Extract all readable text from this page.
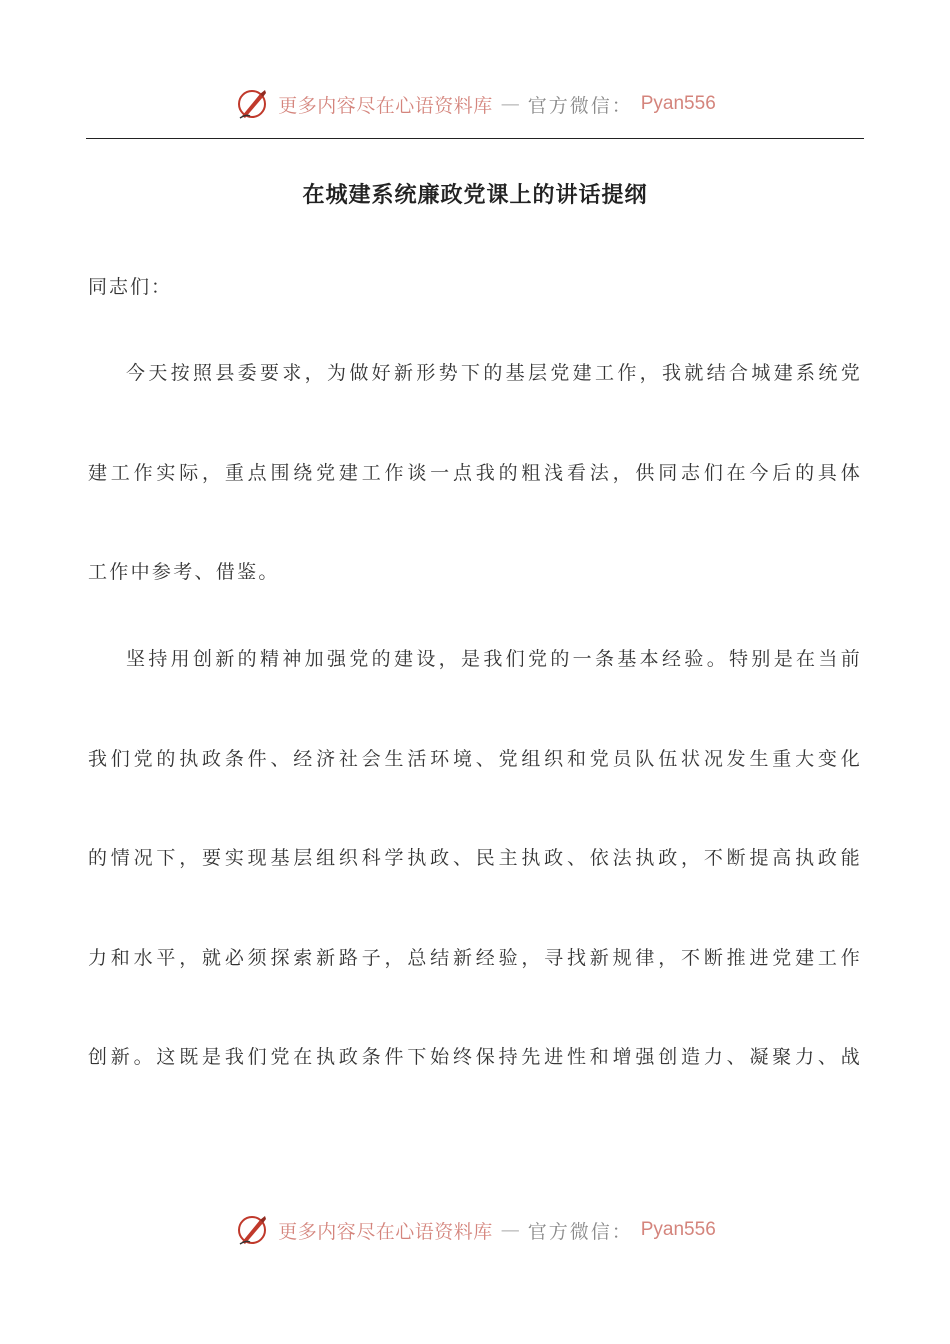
更多内容尽在心语资料库 — 官方微信： Pyan556
在城建系统廉政党课上的讲话提纲
同志们：
今天按照县委要求，为做好新形势下的基层党建工作，我就结合城建系统党
建工作实际，重点围绕党建工作谈一点我的粗浅看法，供同志们在今后的具体
工作中参考、借鉴。
坚持用创新的精神加强党的建设，是我们党的一条基本经验。特别是在当前
我们党的执政条件、经济社会生活环境、党组织和党员队伍状况发生重大变化
的情况下，要实现基层组织科学执政、民主执政、依法执政，不断提高执政能
力和水平，就必须探索新路子，总结新经验，寻找新规律，不断推进党建工作
创新。这既是我们党在执政条件下始终保持先进性和增强创造力、凝聚力、战
更多内容尽在心语资料库 — 官方微信： Pyan556
